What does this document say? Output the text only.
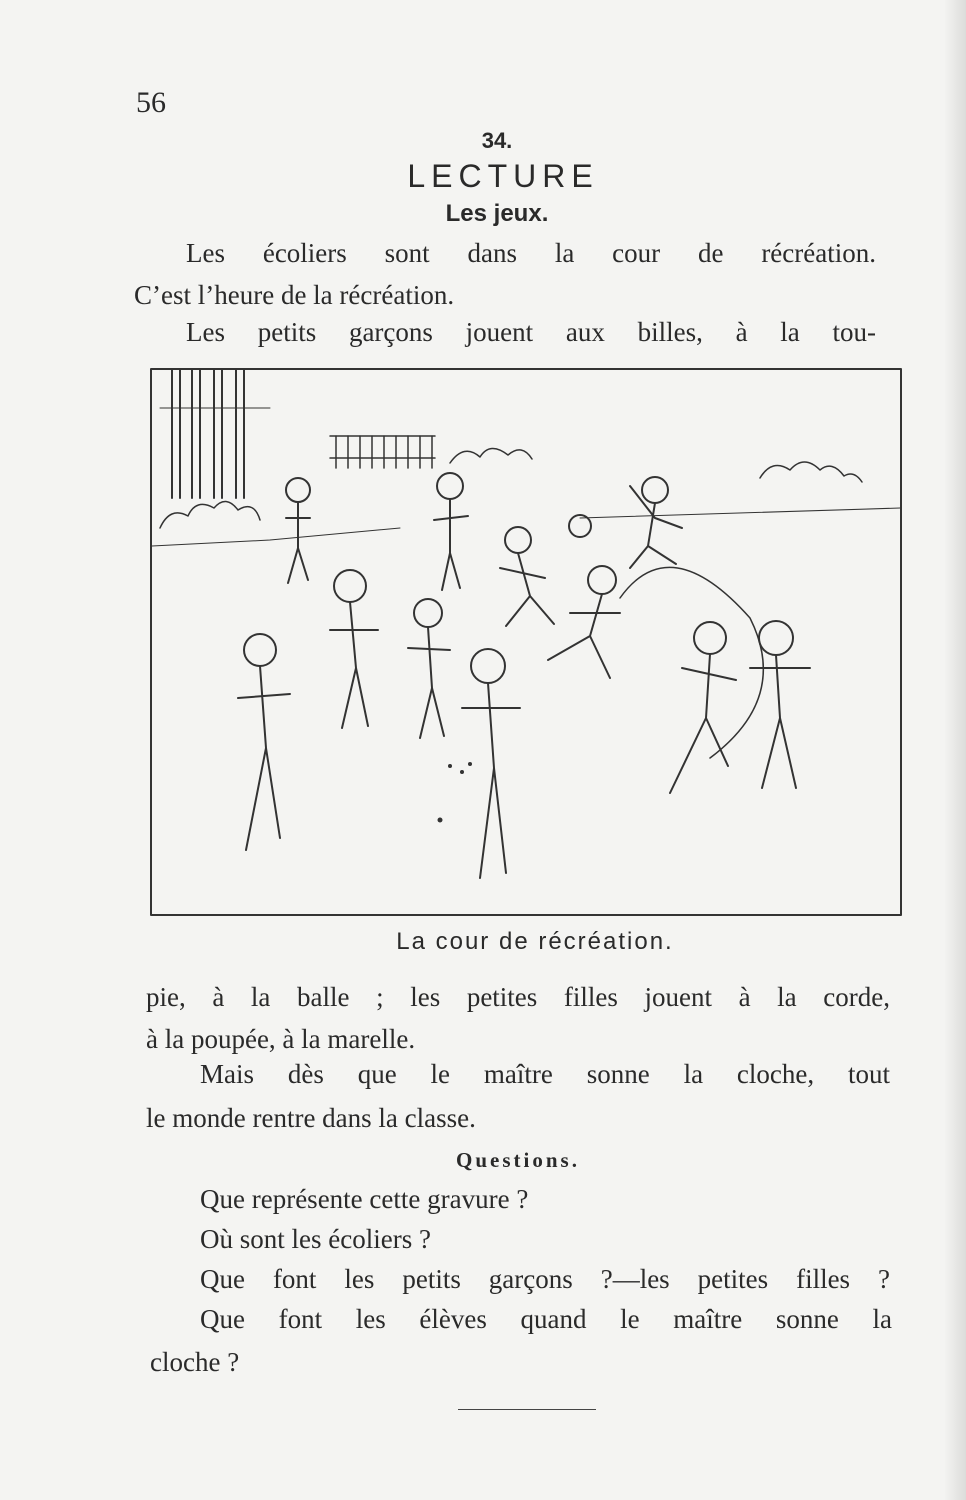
56
34.
LECTURE
Les jeux.
Les écoliers sont dans la cour de récréation.
C’est l’heure de la récréation.
Les petits garçons jouent aux billes, à la tou-
La cour de récréation.
pie, à la balle ; les petites filles jouent à la corde,
à la poupée, à la marelle.
Mais dès que le maître sonne la cloche, tout
le monde rentre dans la classe.
Questions.
Que représente cette gravure ?
Où sont les écoliers ?
Que font les petits garçons ?—les petites filles ?
Que font les élèves quand le maître sonne la
cloche ?
